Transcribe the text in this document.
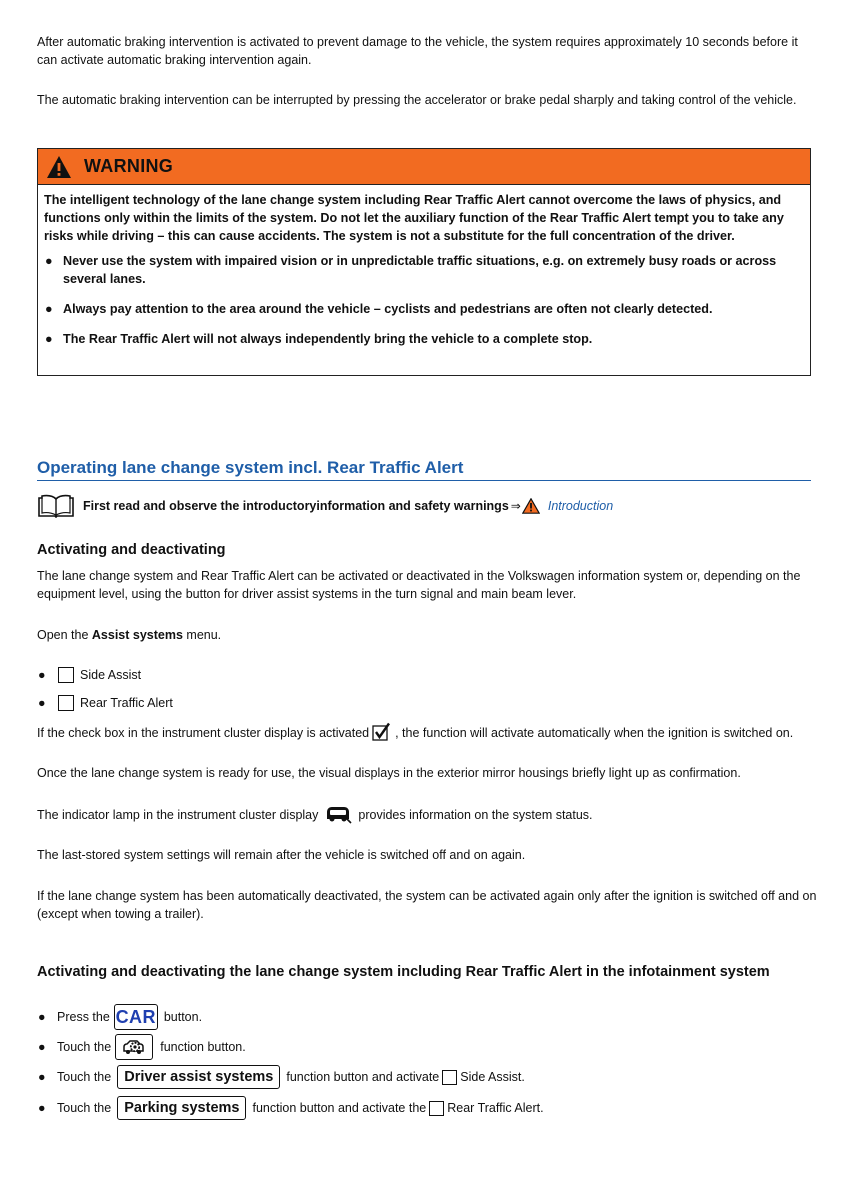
After automatic braking intervention is activated to prevent damage to the vehicle, the system requires approximately 10 seconds before it can activate automatic braking intervention again.

The automatic braking intervention can be interrupted by pressing the accelerator or brake pedal sharply and taking control of the vehicle.

WARNING

The intelligent technology of the lane change system including Rear Traffic Alert cannot overcome the laws of physics, and functions only within the limits of the system. Do not let the auxiliary function of the Rear Traffic Alert tempt you to take any risks while driving – this can cause accidents. The system is not a substitute for the full concentration of the driver.

● Never use the system with impaired vision or in unpredictable traffic situations, e.g. on extremely busy roads or across several lanes.
● Always pay attention to the area around the vehicle – cyclists and pedestrians are often not clearly detected.
● The Rear Traffic Alert will not always independently bring the vehicle to a complete stop.
Operating lane change system incl. Rear Traffic Alert
First read and observe the introductoryinformation and safety warnings ⇒ Introduction
Activating and deactivating

The lane change system and Rear Traffic Alert can be activated or deactivated in the Volkswagen information system or, depending on the equipment level, using the button for driver assist systems in the turn signal and main beam lever.

Open the Assist systems menu.

●	Side Assist
●	Rear Traffic Alert

If the check box in the instrument cluster display is activated , the function will activate automatically when the ignition is switched on.

Once the lane change system is ready for use, the visual displays in the exterior mirror housings briefly light up as confirmation.

The indicator lamp in the instrument cluster display	provides information on the system status.

The last-stored system settings will remain after the vehicle is switched off and on again.

If the lane change system has been automatically deactivated, the system can be activated again only after the ignition is switched off and on (except when towing a trailer).

Activating and deactivating the lane change system including Rear Traffic Alert in the infotainment system
● Press the CAR button.
● Touch the	function button.
● Touch the Driver assist systems	function button and activate Side Assist.
● Touch the Parking systems	function button and activate the Rear Traffic Alert.
